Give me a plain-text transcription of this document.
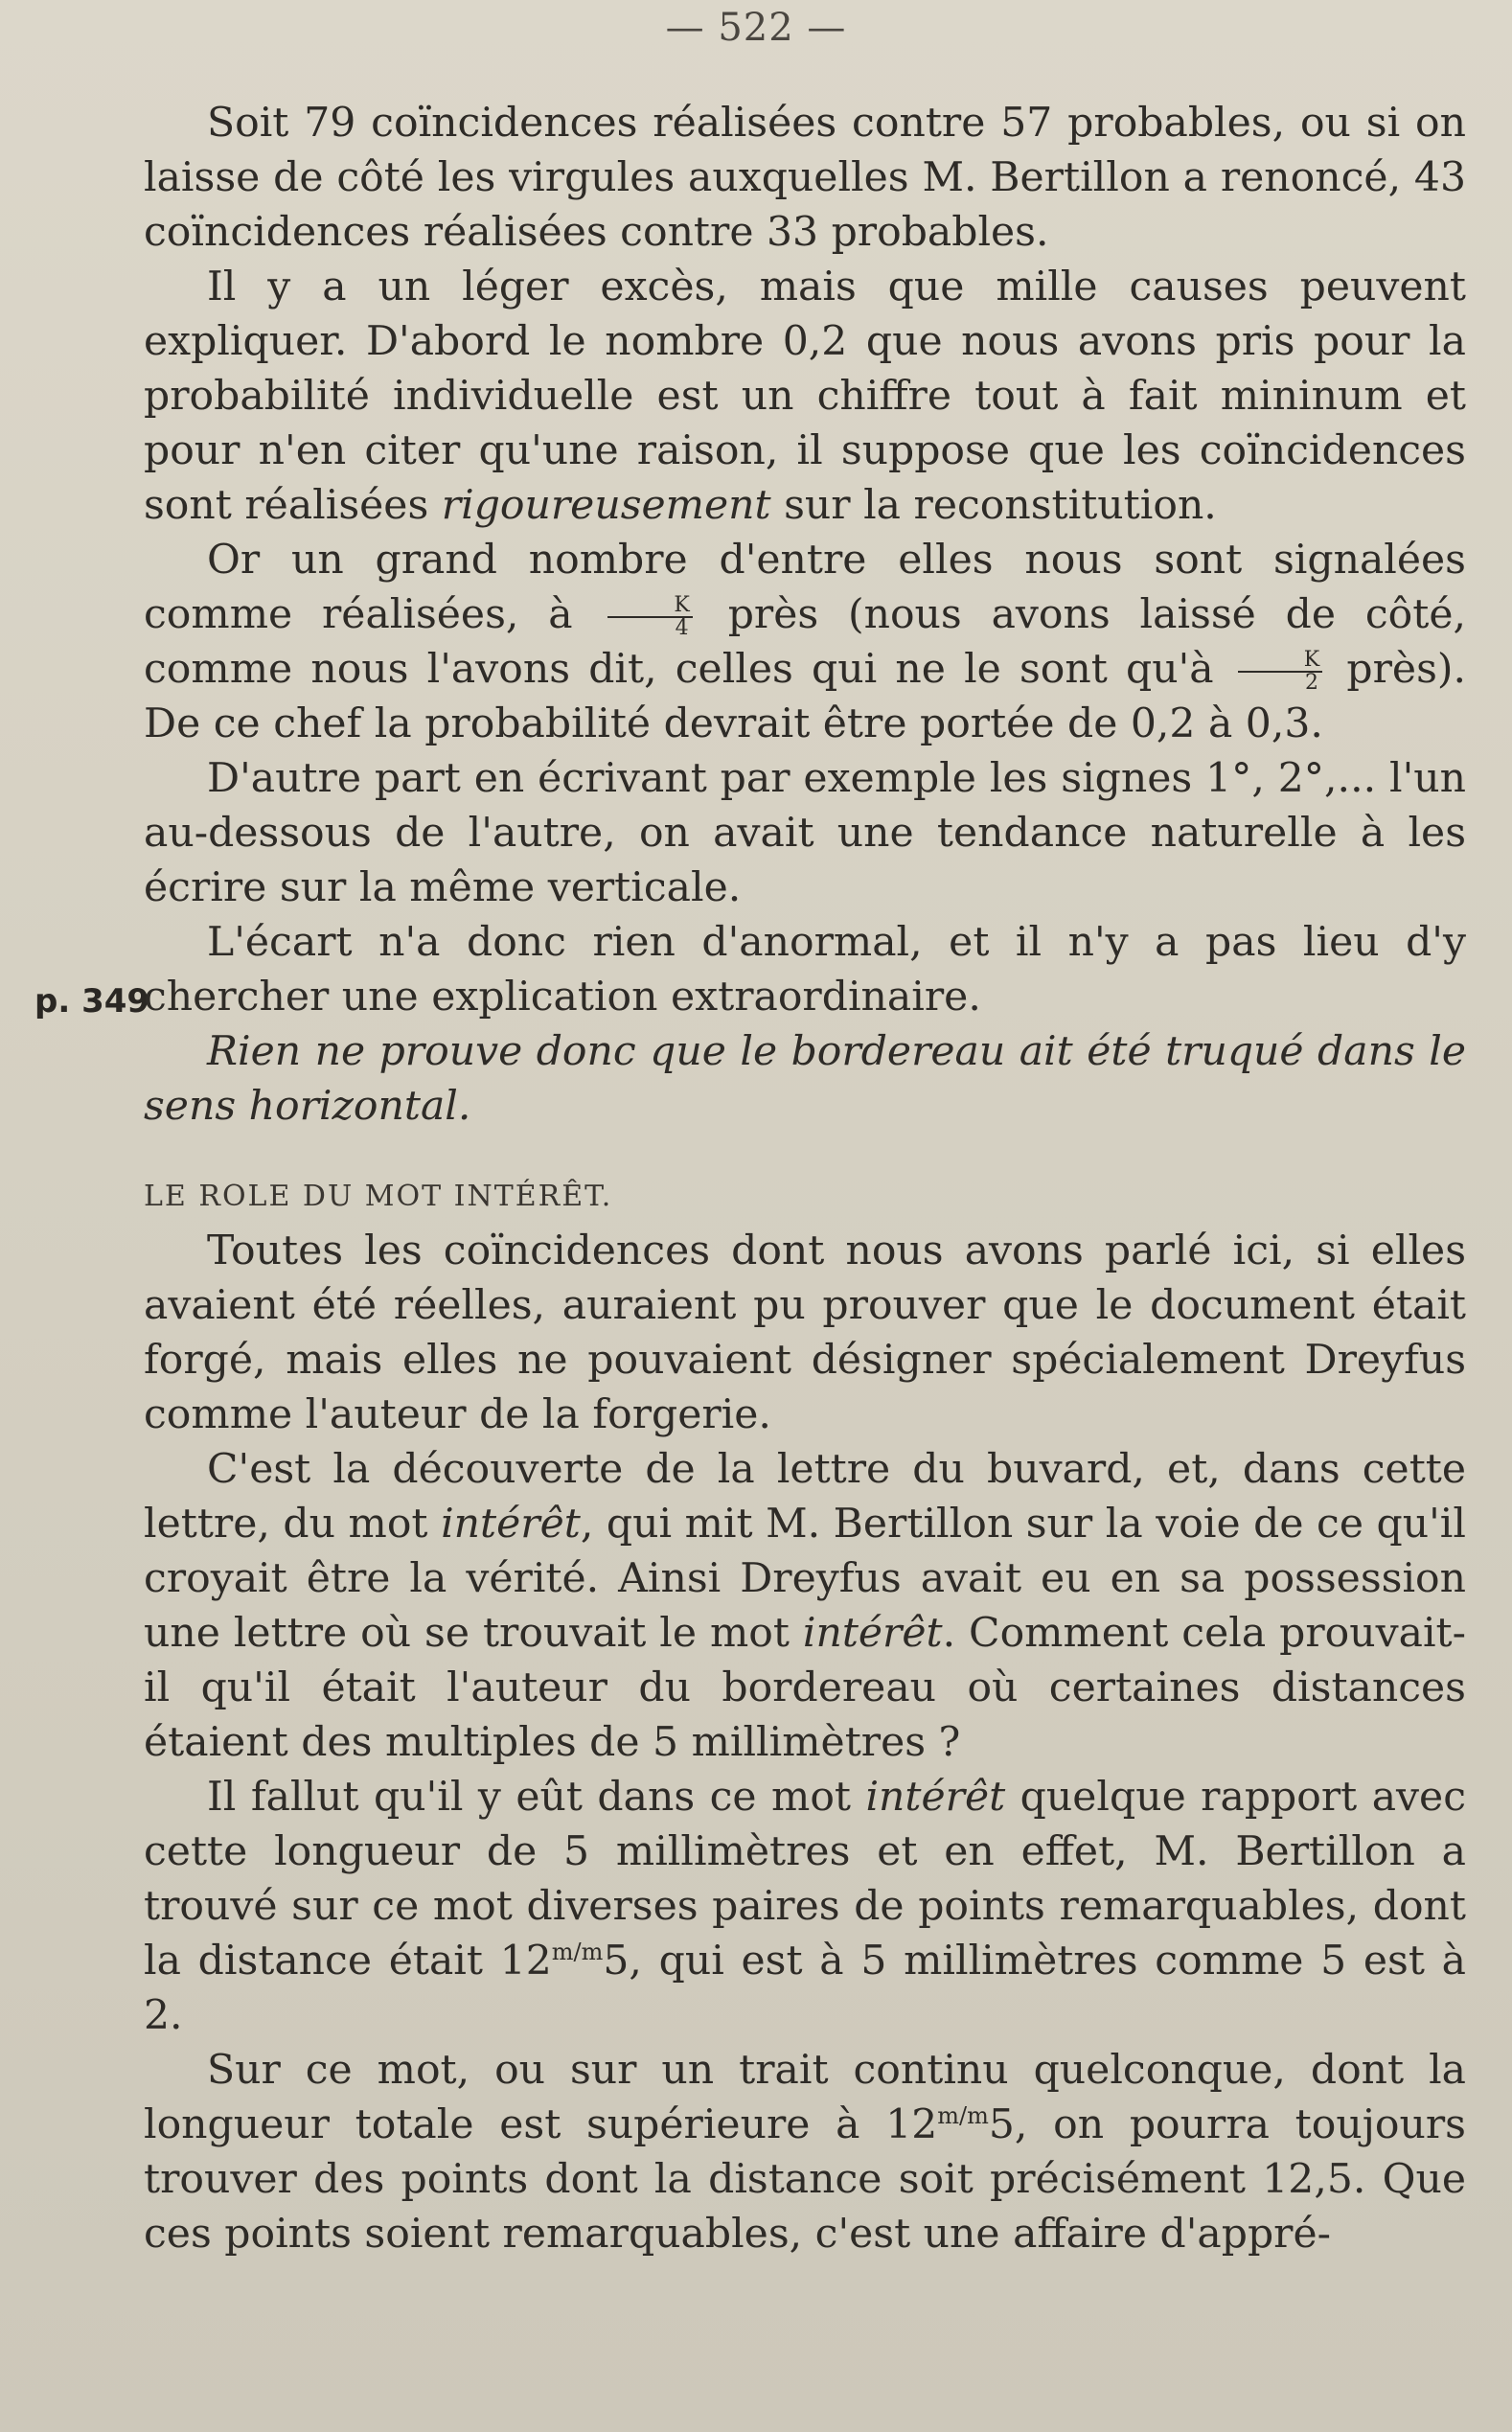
— 522 —
p. 349

Soit 79 coïncidences réalisées contre 57 probables, ou si on laisse de côté les virgules auxquelles M. Bertillon a renoncé, 43 coïncidences réalisées contre 33 probables.

Il y a un léger excès, mais que mille causes peuvent expliquer. D'abord le nombre 0,2 que nous avons pris pour la probabilité individuelle est un chiffre tout à fait mininum et pour n'en citer qu'une raison, il suppose que les coïncidences sont réalisées rigoureusement sur la reconstitution.

Or un grand nombre d'entre elles nous sont signalées comme réalisées, à $\frac{K}{4}$ près (nous avons laissé de côté, comme nous l'avons dit, celles qui ne le sont qu'à $\frac{K}{2}$ près). De ce chef la probabilité devrait être portée de 0,2 à 0,3.

D'autre part en écrivant par exemple les signes 1°, 2°,... l'un au-dessous de l'autre, on avait une tendance naturelle à les écrire sur la même verticale.

L'écart n'a donc rien d'anormal, et il n'y a pas lieu d'y chercher une explication extraordinaire.

Rien ne prouve donc que le bordereau ait été truqué dans le sens horizontal.

LE ROLE DU MOT INTÉRÊT.

Toutes les coïncidences dont nous avons parlé ici, si elles avaient été réelles, auraient pu prouver que le document était forgé, mais elles ne pouvaient désigner spécialement Dreyfus comme l'auteur de la forgerie.

C'est la découverte de la lettre du buvard, et, dans cette lettre, du mot intérêt, qui mit M. Bertillon sur la voie de ce qu'il croyait être la vérité. Ainsi Dreyfus avait eu en sa possession une lettre où se trouvait le mot intérêt. Comment cela prouvait-il qu'il était l'auteur du bordereau où certaines distances étaient des multiples de 5 millimètres ?

Il fallut qu'il y eût dans ce mot intérêt quelque rapport avec cette longueur de 5 millimètres et en effet, M. Bertillon a trouvé sur ce mot diverses paires de points remarquables, dont la distance était $12^{m/m}5$, qui est à 5 millimètres comme 5 est à 2.

Sur ce mot, ou sur un trait continu quelconque, dont la longueur totale est supérieure à $12^{m/m}5$, on pourra toujours trouver des points dont la distance soit précisément 12,5. Que ces points soient remarquables, c'est une affaire d'appré-
